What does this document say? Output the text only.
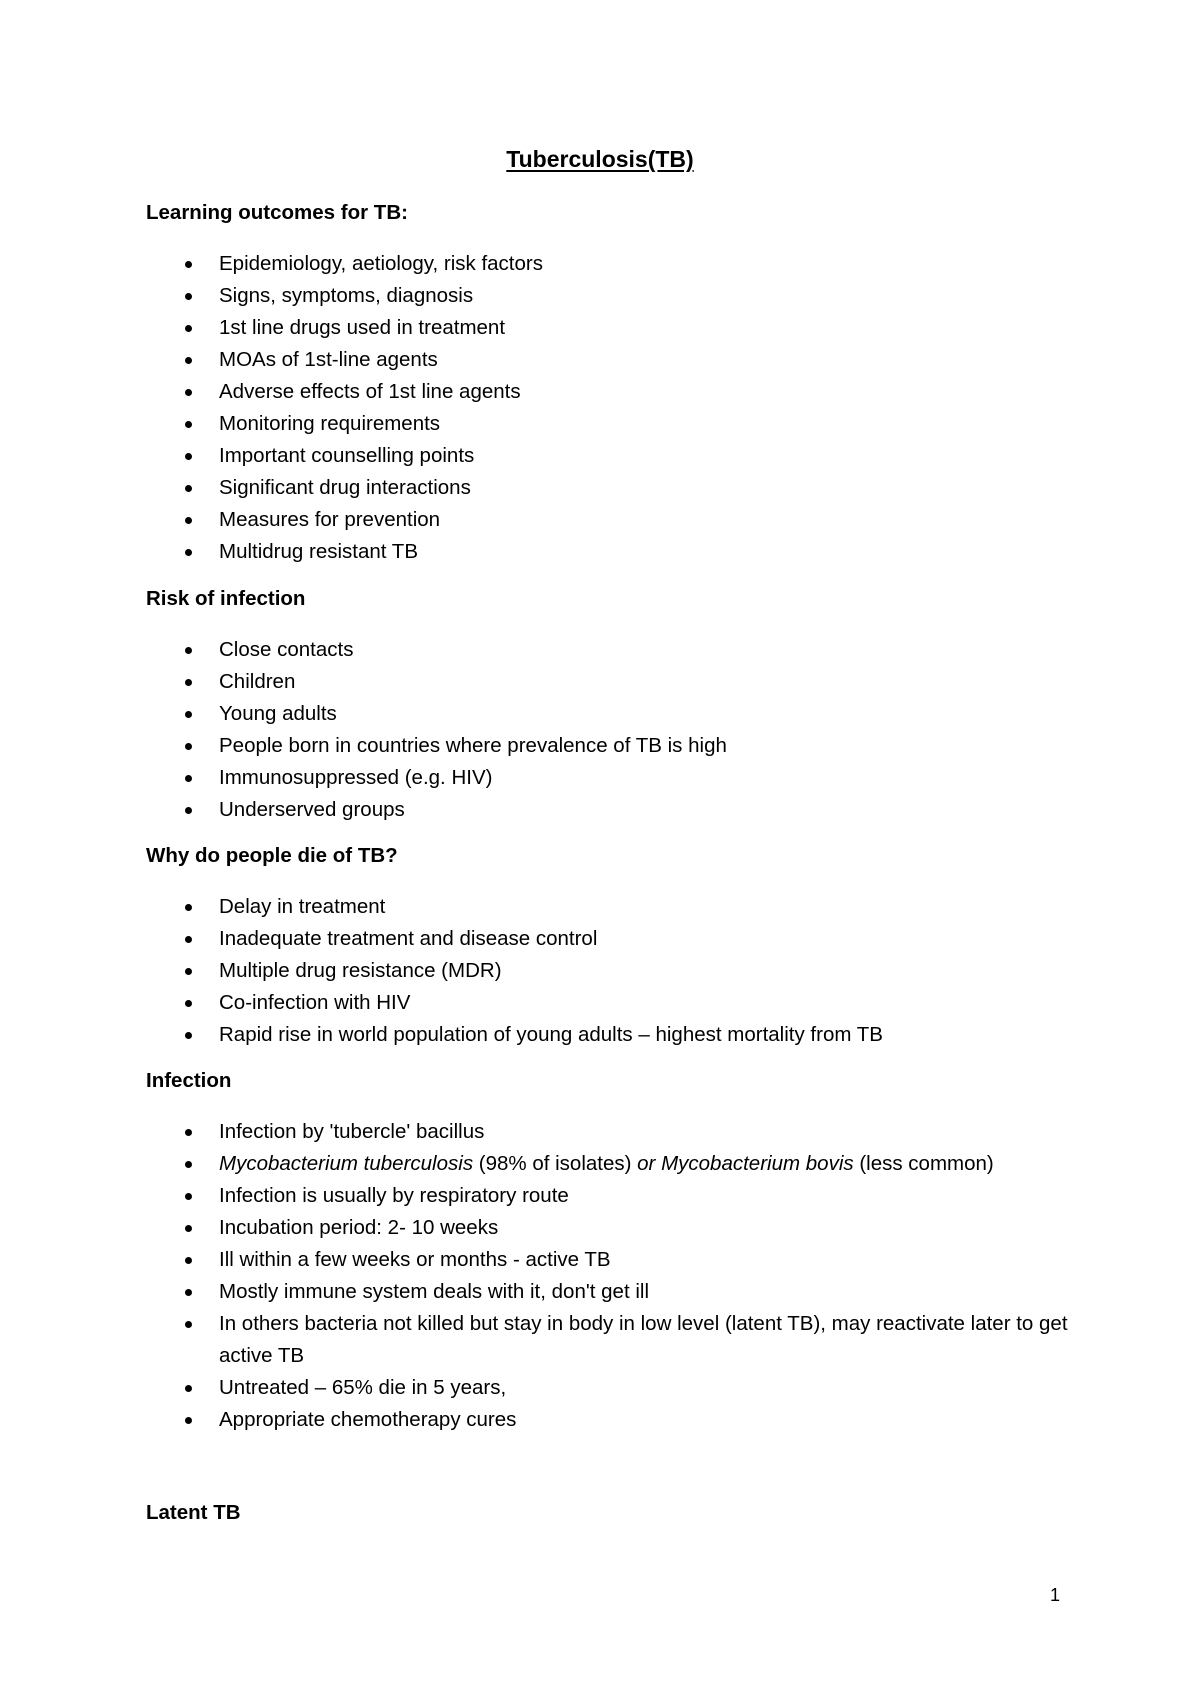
Tuberculosis(TB)
Learning outcomes for TB:
Epidemiology, aetiology, risk factors
Signs, symptoms, diagnosis
1st line drugs used in treatment
MOAs of 1st-line agents
Adverse effects of 1st line agents
Monitoring requirements
Important counselling points
Significant drug interactions
Measures for prevention
Multidrug resistant TB
Risk of infection
Close contacts
Children
Young adults
People born in countries where prevalence of TB is high
Immunosuppressed (e.g. HIV)
Underserved groups
Why do people die of TB?
Delay in treatment
Inadequate treatment and disease control
Multiple drug resistance (MDR)
Co-infection with HIV
Rapid rise in world population of young adults – highest mortality from TB
Infection
Infection by 'tubercle' bacillus
Mycobacterium tuberculosis (98% of isolates) or Mycobacterium bovis (less common)
Infection is usually by respiratory route
Incubation period: 2- 10 weeks
Ill within a few weeks or months - active TB
Mostly immune system deals with it, don't get ill
In others bacteria not killed but stay in body in low level (latent TB), may reactivate later to get active TB
Untreated – 65% die in 5 years,
Appropriate chemotherapy cures
Latent TB
1
